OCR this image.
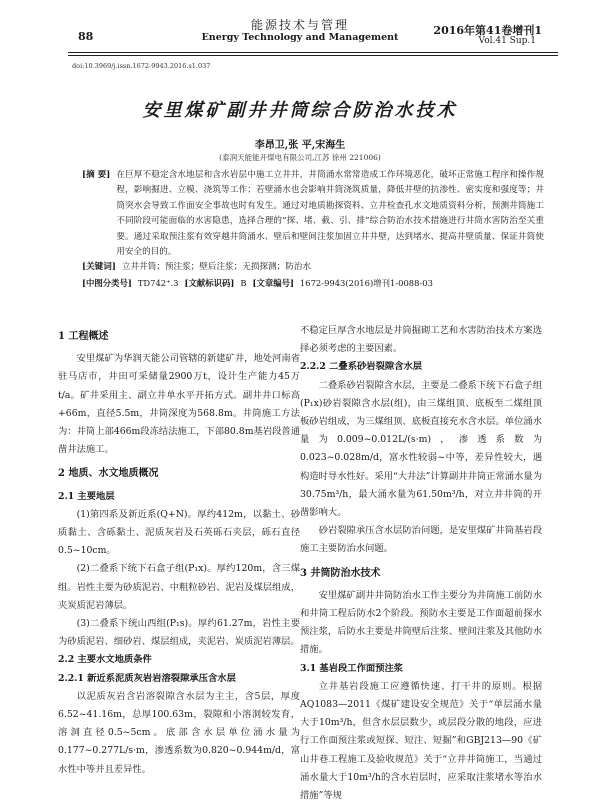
88
能源技术与管理
Energy Technology and Management
2016年第41卷增刊1
Vol.41 Sup.1
doi:10.3969/j.issn.1672-9943.2016.s1.037
安里煤矿副井井筒综合防治水技术
李昂卫,张 平,宋海生
(泰润天能能开煤电有限公司,江苏 徐州 221006)
[摘 要] 在巨厚不稳定含水地层和含水岩层中施工立井井，井筒涌水常常造成工作环境恶化，破坏正常施工程序和操作规程，影响掘进、立模、浇筑等工作；若壁涌水也会影响井筒浇筑质量，降低井壁的抗渗性、密实度和强度等；井筒突水会导致工作面安全事故也时有发生。通过对地质勘探资料、立井检查孔水文地质资料分析，预测井筒施工不同阶段可能面临的水害隐患，选择合理的“探、堵、截、引、排”综合防治水技术措施进行井筒水害防治至关重要。通过采取预注浆有效穿越井筒涌水、壁后和壁间注浆加固立井井壁，达到堵水、提高井壁质量、保证井筒使用安全的目的。
[关键词] 立井井筒；预注浆；壁后注浆；无损探测；防治水
[中图分类号] TD742⁺.3 [文献标识码] B [文章编号] 1672-9943(2016)增刊1-0088-03
1 工程概述

安里煤矿为华润天能公司管辖的新建矿井，地处河南省驻马店市，井田可采储量2900万t，设计生产能力45万t/a。矿井采用主、副立井单水平开拓方式。副井井口标高+66m，直径5.5m，井筒深度为568.8m。井筒施工方法为：井筒上部466m段冻结法施工，下部80.8m基岩段普通凿井法施工。

2 地质、水文地质概况
2.1 主要地层

(1)第四系及新近系(Q+N)。厚约412m，以黏土、砂质黏土、含砾黏土、泥质灰岩及石英砾石夹层，砾石直径0.5~10cm。

(2)二叠系下统下石盒子组(P₁x)。厚约120m，含三煤组。岩性主要为砂质泥岩、中粗粒砂岩、泥岩及煤层组成，夹炭质泥岩薄层。

(3)二叠系下统山西组(P₁s)。厚约61.27m，岩性主要为砂质泥岩、细砂岩、煤层组成，夹泥岩、炭质泥岩薄层。

2.2 主要水文地质条件
2.2.1 新近系泥质灰岩岩溶裂隙承压含水层

以泥质灰岩含岩溶裂隙含水层为主主，含5层，厚度6.52~41.16m，总厚100.63m，裂隙和小溶洞较发育，溶洞直径0.5~5cm。底部含水层单位涌水量为0.177~0.277L/s·m，渗透系数为0.820~0.944m/d，富水性中等并且差异性。

不稳定巨厚含水地层是井筒掘砌工艺和水害防治技术方案选择必须考虑的主要因素。

2.2.2 二叠系砂岩裂隙含水层

二叠系砂岩裂隙含水层，主要是二叠系下统下石盒子组(P₁x)砂岩裂隙含水层(组)，由三煤组顶、底板至二煤组顶板砂岩组成，为三煤组顶、底板直接充水含水层。单位涌水量为0.009~0.012L/(s·m)，渗透系数为0.023~0.028m/d，富水性较弱~中等，差异性较大，遇构造时导水性好。采用“大井法”计算副井井筒正常涌水量为30.75m³/h，最大涌水量为61.50m³/h，对立井井筒的开凿影响大。

砂岩裂隙承压含水层防治问题，是安里煤矿井筒基岩段施工主要防治水问题。

3 井筒防治水技术

安里煤矿副井井筒防治水工作主要分为井筒施工前防水和井筒工程后防水2个阶段。预防水主要是工作面超前探水预注浆，后防水主要是井筒壁后注浆、壁间注浆及其他防水措施。

3.1 基岩段工作面预注浆

立井基岩段施工应遵循快速、打干井的原则。根据AQ1083—2011《煤矿建设安全规范》关于“单层涌水量大于10m³/h，但含水层层数少，或层段分散的地段，应进行工作面预注浆或短探、短注、短掘”和GBJ213—90《矿山井巷工程施工及验收规范》关于“立井井筒施工，当通过涌水量大于10m³/h的含水岩层时，应采取注浆堵水等治水措施”等规
